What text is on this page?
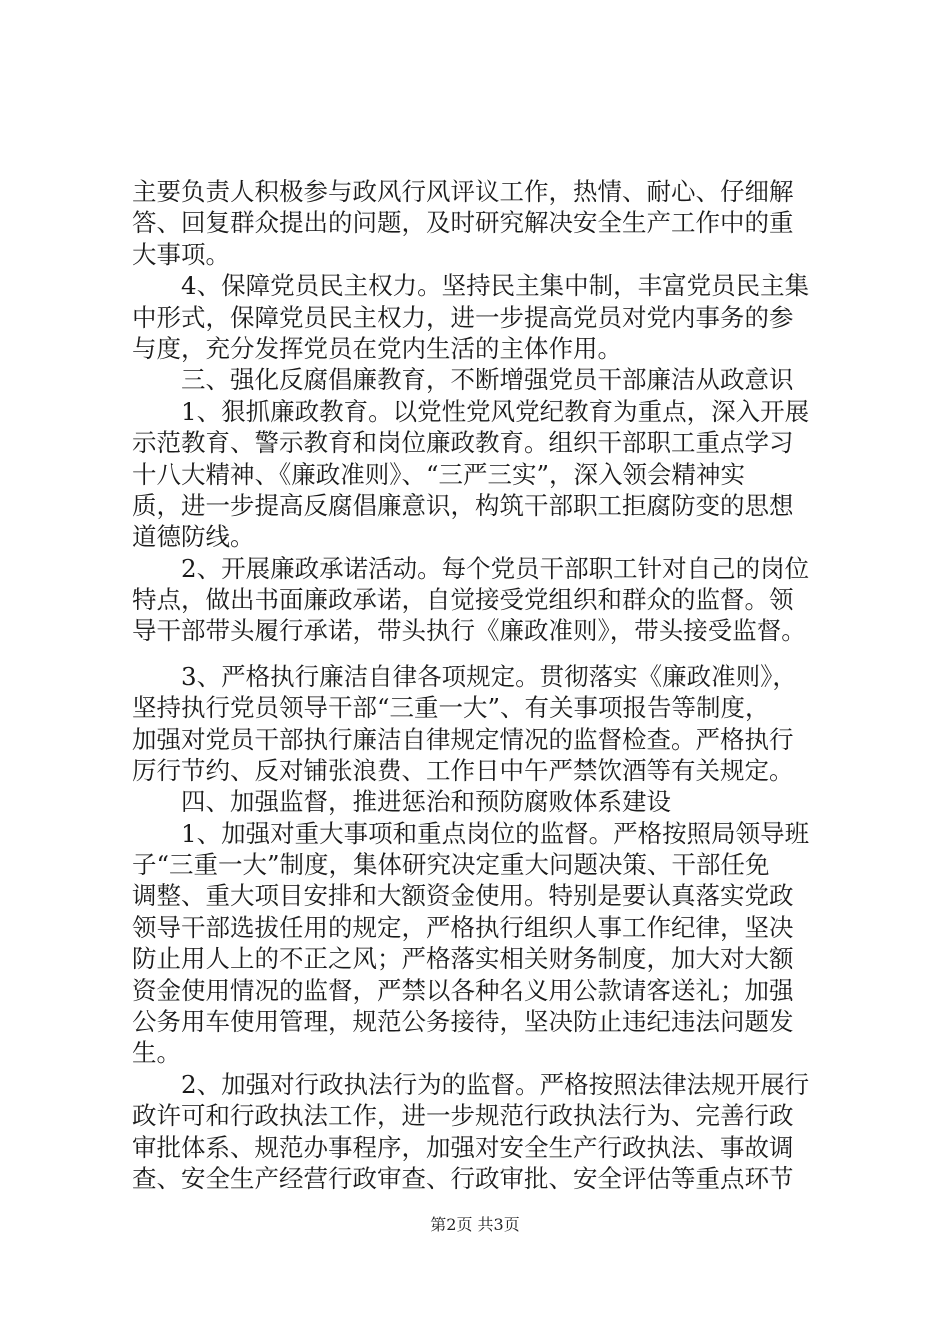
主要负责人积极参与政风行风评议工作，热情、耐心、仔细解
答、回复群众提出的问题，及时研究解决安全生产工作中的重
大事项。
　　4、保障党员民主权力。坚持民主集中制，丰富党员民主集
中形式，保障党员民主权力，进一步提高党员对党内事务的参
与度，充分发挥党员在党内生活的主体作用。
　　三、强化反腐倡廉教育，不断增强党员干部廉洁从政意识
　　1、狠抓廉政教育。以党性党风党纪教育为重点，深入开展
示范教育、警示教育和岗位廉政教育。组织干部职工重点学习
十八大精神、《廉政准则》、“三严三实”，深入领会精神实
质，进一步提高反腐倡廉意识，构筑干部职工拒腐防变的思想
道德防线。
　　2、开展廉政承诺活动。每个党员干部职工针对自己的岗位
特点，做出书面廉政承诺，自觉接受党组织和群众的监督。领
导干部带头履行承诺，带头执行《廉政准则》，带头接受监督。
　　3、严格执行廉洁自律各项规定。贯彻落实《廉政准则》，
坚持执行党员领导干部“三重一大”、有关事项报告等制度，
加强对党员干部执行廉洁自律规定情况的监督检查。严格执行
厉行节约、反对铺张浪费、工作日中午严禁饮酒等有关规定。
　　四、加强监督，推进惩治和预防腐败体系建设
　　1、加强对重大事项和重点岗位的监督。严格按照局领导班
子“三重一大”制度，集体研究决定重大问题决策、干部任免
调整、重大项目安排和大额资金使用。特别是要认真落实党政
领导干部选拔任用的规定，严格执行组织人事工作纪律，坚决
防止用人上的不正之风；严格落实相关财务制度，加大对大额
资金使用情况的监督，严禁以各种名义用公款请客送礼；加强
公务用车使用管理，规范公务接待，坚决防止违纪违法问题发
生。
　　2、加强对行政执法行为的监督。严格按照法律法规开展行
政许可和行政执法工作，进一步规范行政执法行为、完善行政
审批体系、规范办事程序，加强对安全生产行政执法、事故调
查、安全生产经营行政审查、行政审批、安全评估等重点环节
第2页 共3页
